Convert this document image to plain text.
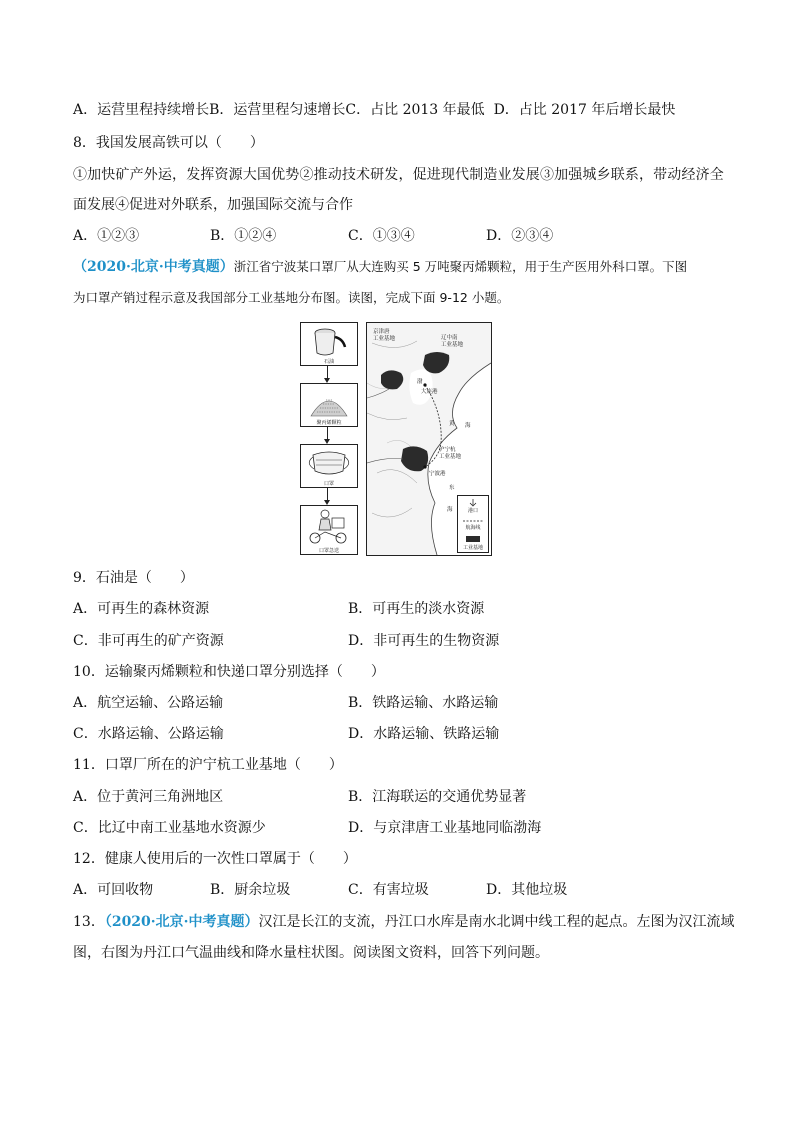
A．运营里程持续增长B．运营里程匀速增长C．占比 2013 年最低 D．占比 2017 年后增长最快
8．我国发展高铁可以（　　）
①加快矿产外运，发挥资源大国优势②推动技术研发，促进现代制造业发展③加强城乡联系，带动经济全
面发展④促进对外联系，加强国际交流与合作
A．①②③	B．①②④	C．①③④	D．②③④
（2020·北京·中考真题）浙江省宁波某口罩厂从大连购买 5 万吨聚丙烯颗粒，用于生产医用外科口罩。下图
为口罩产销过程示意及我国部分工业基地分布图。读图，完成下面 9-12 小题。
石油
聚丙烯颗粒
口罩
口罩急送
京津唐
工业基地	辽中南
工业基地
渤
大连港
黄 海
沪宁杭
工业基地
宁波港
东
海	港口
航海线
工业基地
9．石油是（　　）
A．可再生的森林资源	B．可再生的淡水资源
C．非可再生的矿产资源	D．非可再生的生物资源
10．运输聚丙烯颗粒和快递口罩分别选择（　　）
A．航空运输、公路运输	B．铁路运输、水路运输
C．水路运输、公路运输	D．水路运输、铁路运输
11．口罩厂所在的沪宁杭工业基地（　　）
A．位于黄河三角洲地区	B．江海联运的交通优势显著
C．比辽中南工业基地水资源少	D．与京津唐工业基地同临渤海
12．健康人使用后的一次性口罩属于（　　）
A．可回收物	B．厨余垃圾	C．有害垃圾	D．其他垃圾
13．（2020·北京·中考真题）汉江是长江的支流，丹江口水库是南水北调中线工程的起点。左图为汉江流域
图，右图为丹江口气温曲线和降水量柱状图。阅读图文资料，回答下列问题。
